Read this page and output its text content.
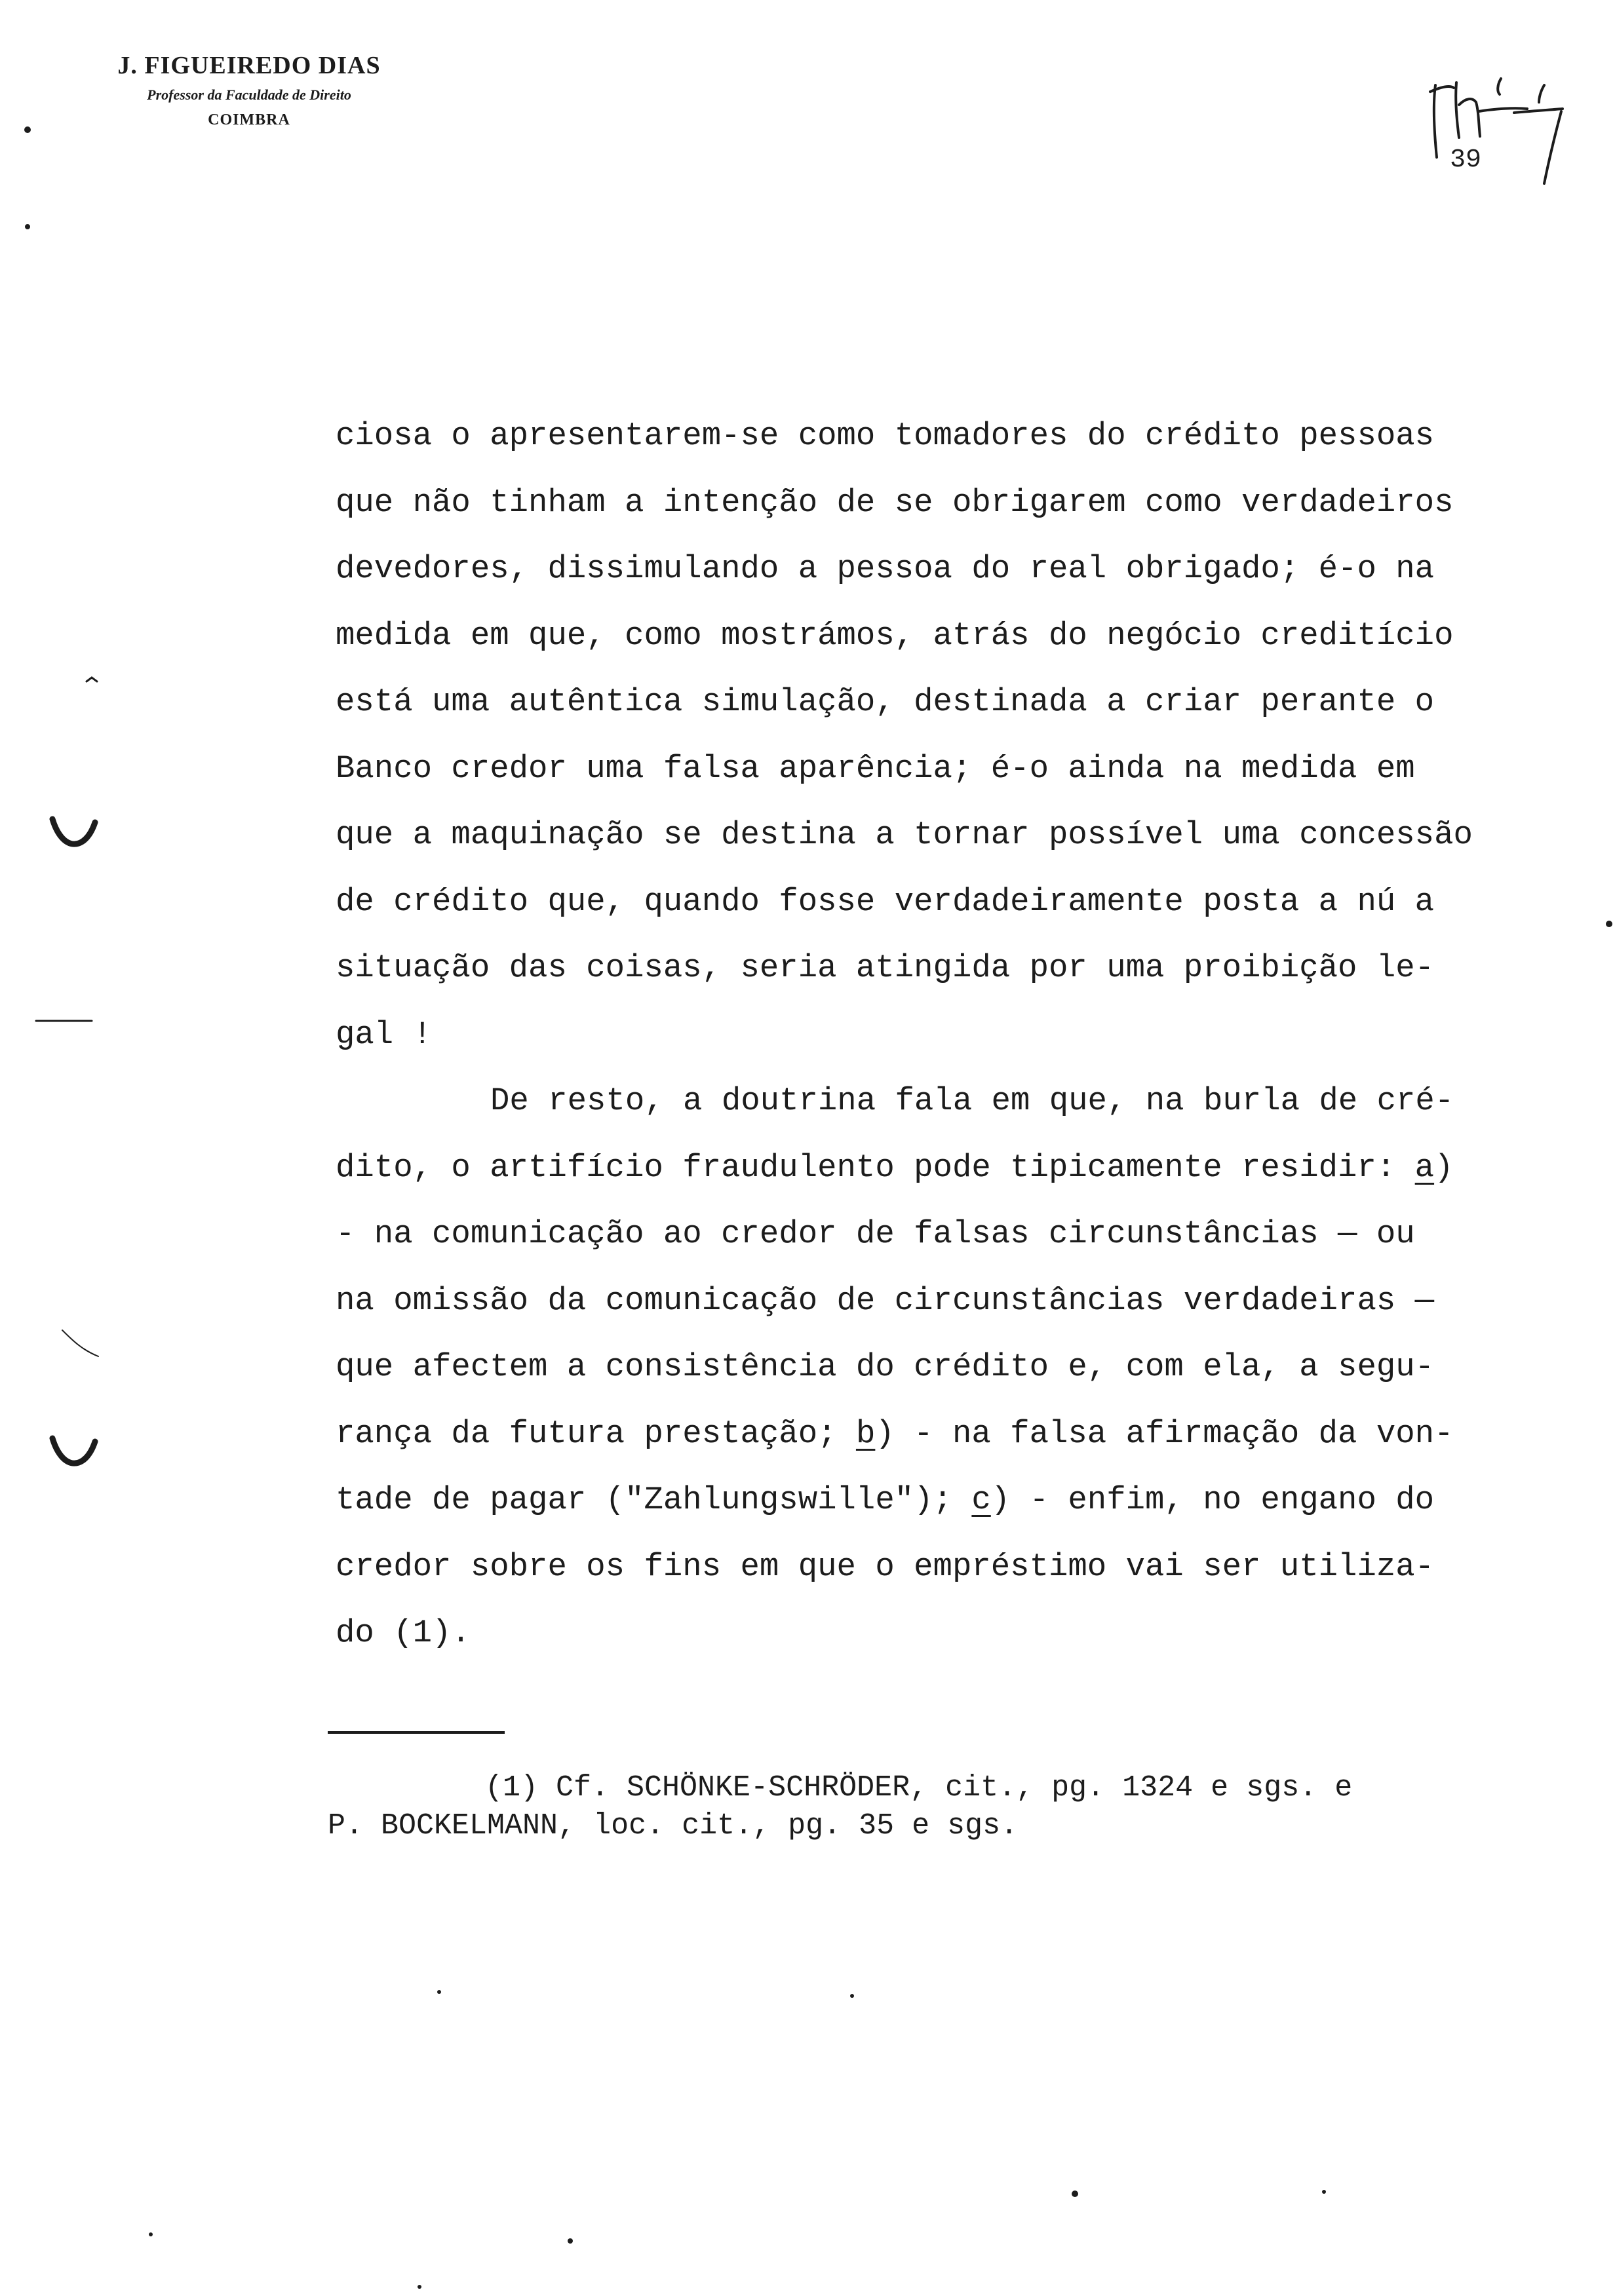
J. FIGUEIREDO DIAS
Professor da Faculdade de Direito
COIMBRA
39
ciosa o apresentarem-se como tomadores do crédito pessoas
que não tinham a intenção de se obrigarem como verdadeiros
devedores, dissimulando a pessoa do real obrigado; é-o na
medida em que, como mostrámos, atrás do negócio creditício
está uma autêntica simulação, destinada a criar perante o
Banco credor uma falsa aparência; é-o ainda na medida em
que a maquinação se destina a tornar possível uma concessão
de crédito que, quando fosse verdadeiramente posta a nú a
situação das coisas, seria atingida por uma proibição le-
gal !
De resto, a doutrina fala em que, na burla de cré-
dito, o artifício fraudulento pode tipicamente residir: a)
- na comunicação ao credor de falsas circunstâncias — ou
na omissão da comunicação de circunstâncias verdadeiras —
que afectem a consistência do crédito e, com ela, a segu-
rança da futura prestação; b) - na falsa afirmação da von-
tade de pagar ("Zahlungswille"); c) - enfim, no engano do
credor sobre os fins em que o empréstimo vai ser utiliza-
do (1).
(1) Cf. SCHÖNKE-SCHRÖDER, cit., pg. 1324 e sgs. e
P. BOCKELMANN, loc. cit., pg. 35 e sgs.
